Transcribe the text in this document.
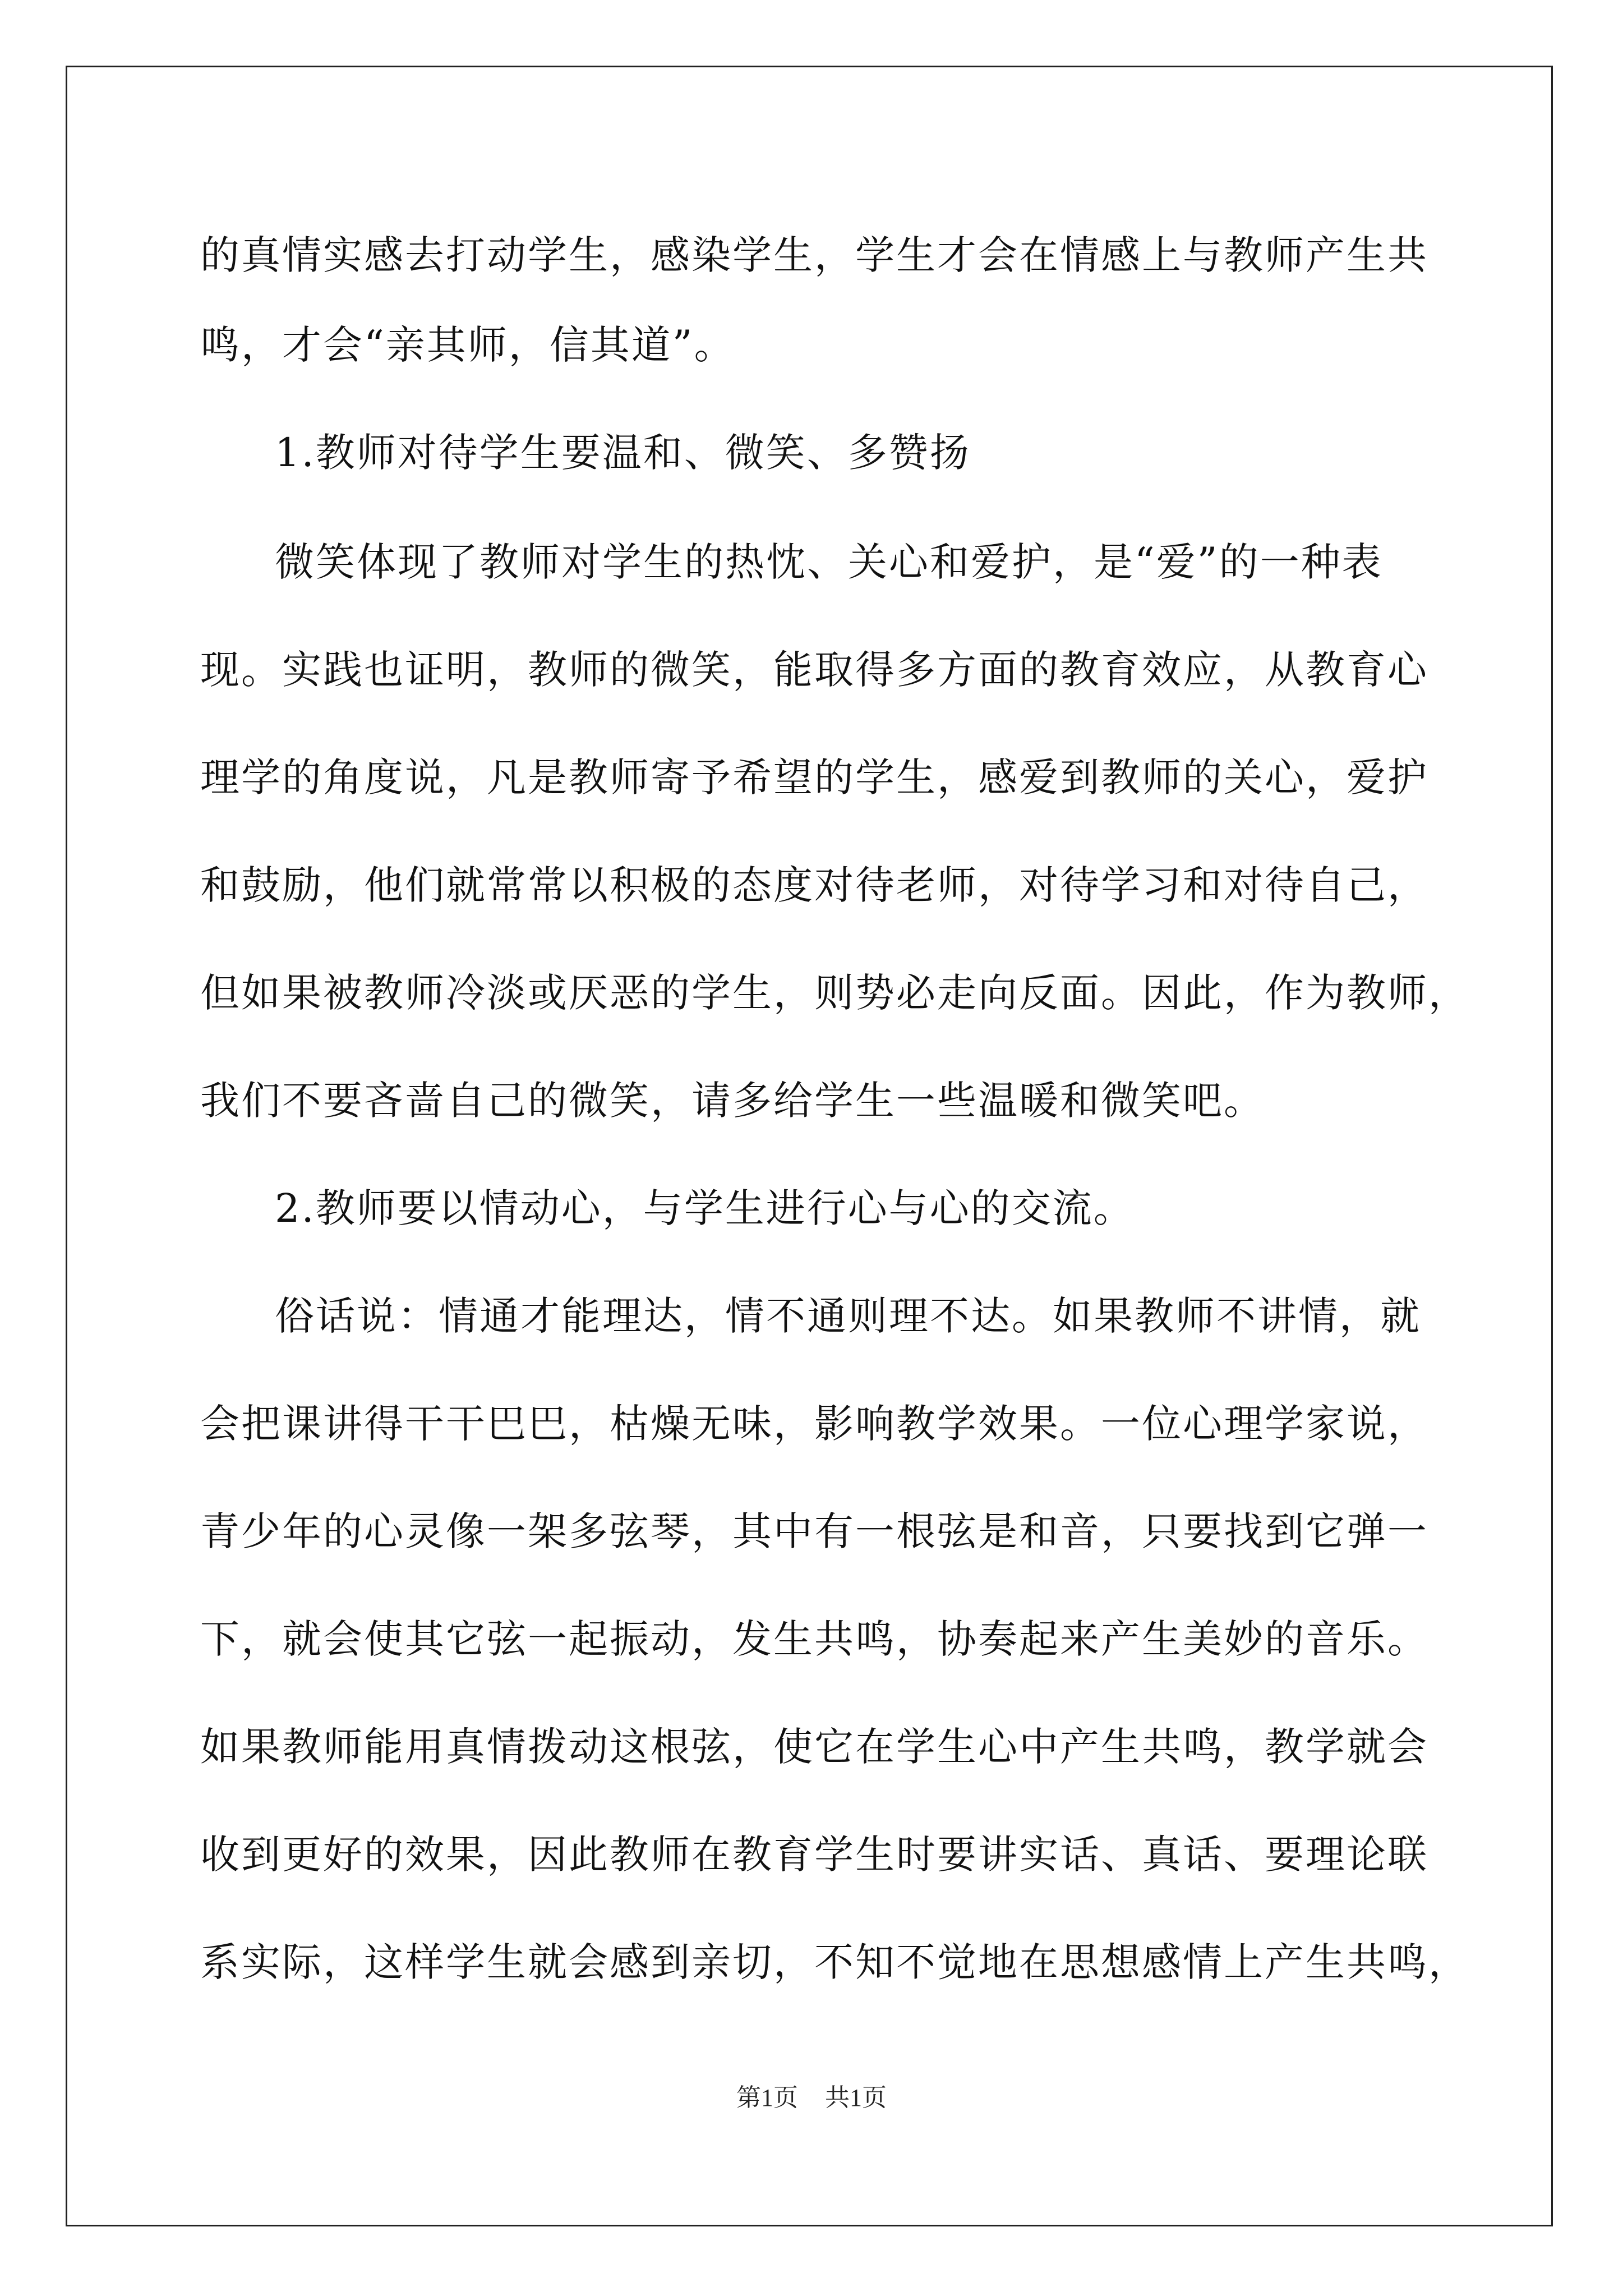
的真情实感去打动学生，感染学生，学生才会在情感上与教师产生共
鸣，才会“亲其师，信其道”。
1.教师对待学生要温和、微笑、多赞扬
微笑体现了教师对学生的热忱、关心和爱护，是“爱”的一种表
现。实践也证明，教师的微笑，能取得多方面的教育效应，从教育心
理学的角度说，凡是教师寄予希望的学生，感爱到教师的关心，爱护
和鼓励，他们就常常以积极的态度对待老师，对待学习和对待自己，
但如果被教师冷淡或厌恶的学生，则势必走向反面。因此，作为教师，
我们不要吝啬自己的微笑，请多给学生一些温暖和微笑吧。
2.教师要以情动心，与学生进行心与心的交流。
俗话说：情通才能理达，情不通则理不达。如果教师不讲情，就
会把课讲得干干巴巴，枯燥无味，影响教学效果。一位心理学家说，
青少年的心灵像一架多弦琴，其中有一根弦是和音，只要找到它弹一
下，就会使其它弦一起振动，发生共鸣，协奏起来产生美妙的音乐。
如果教师能用真情拨动这根弦，使它在学生心中产生共鸣，教学就会
收到更好的效果，因此教师在教育学生时要讲实话、真话、要理论联
系实际，这样学生就会感到亲切，不知不觉地在思想感情上产生共鸣，
第1页 共1页
